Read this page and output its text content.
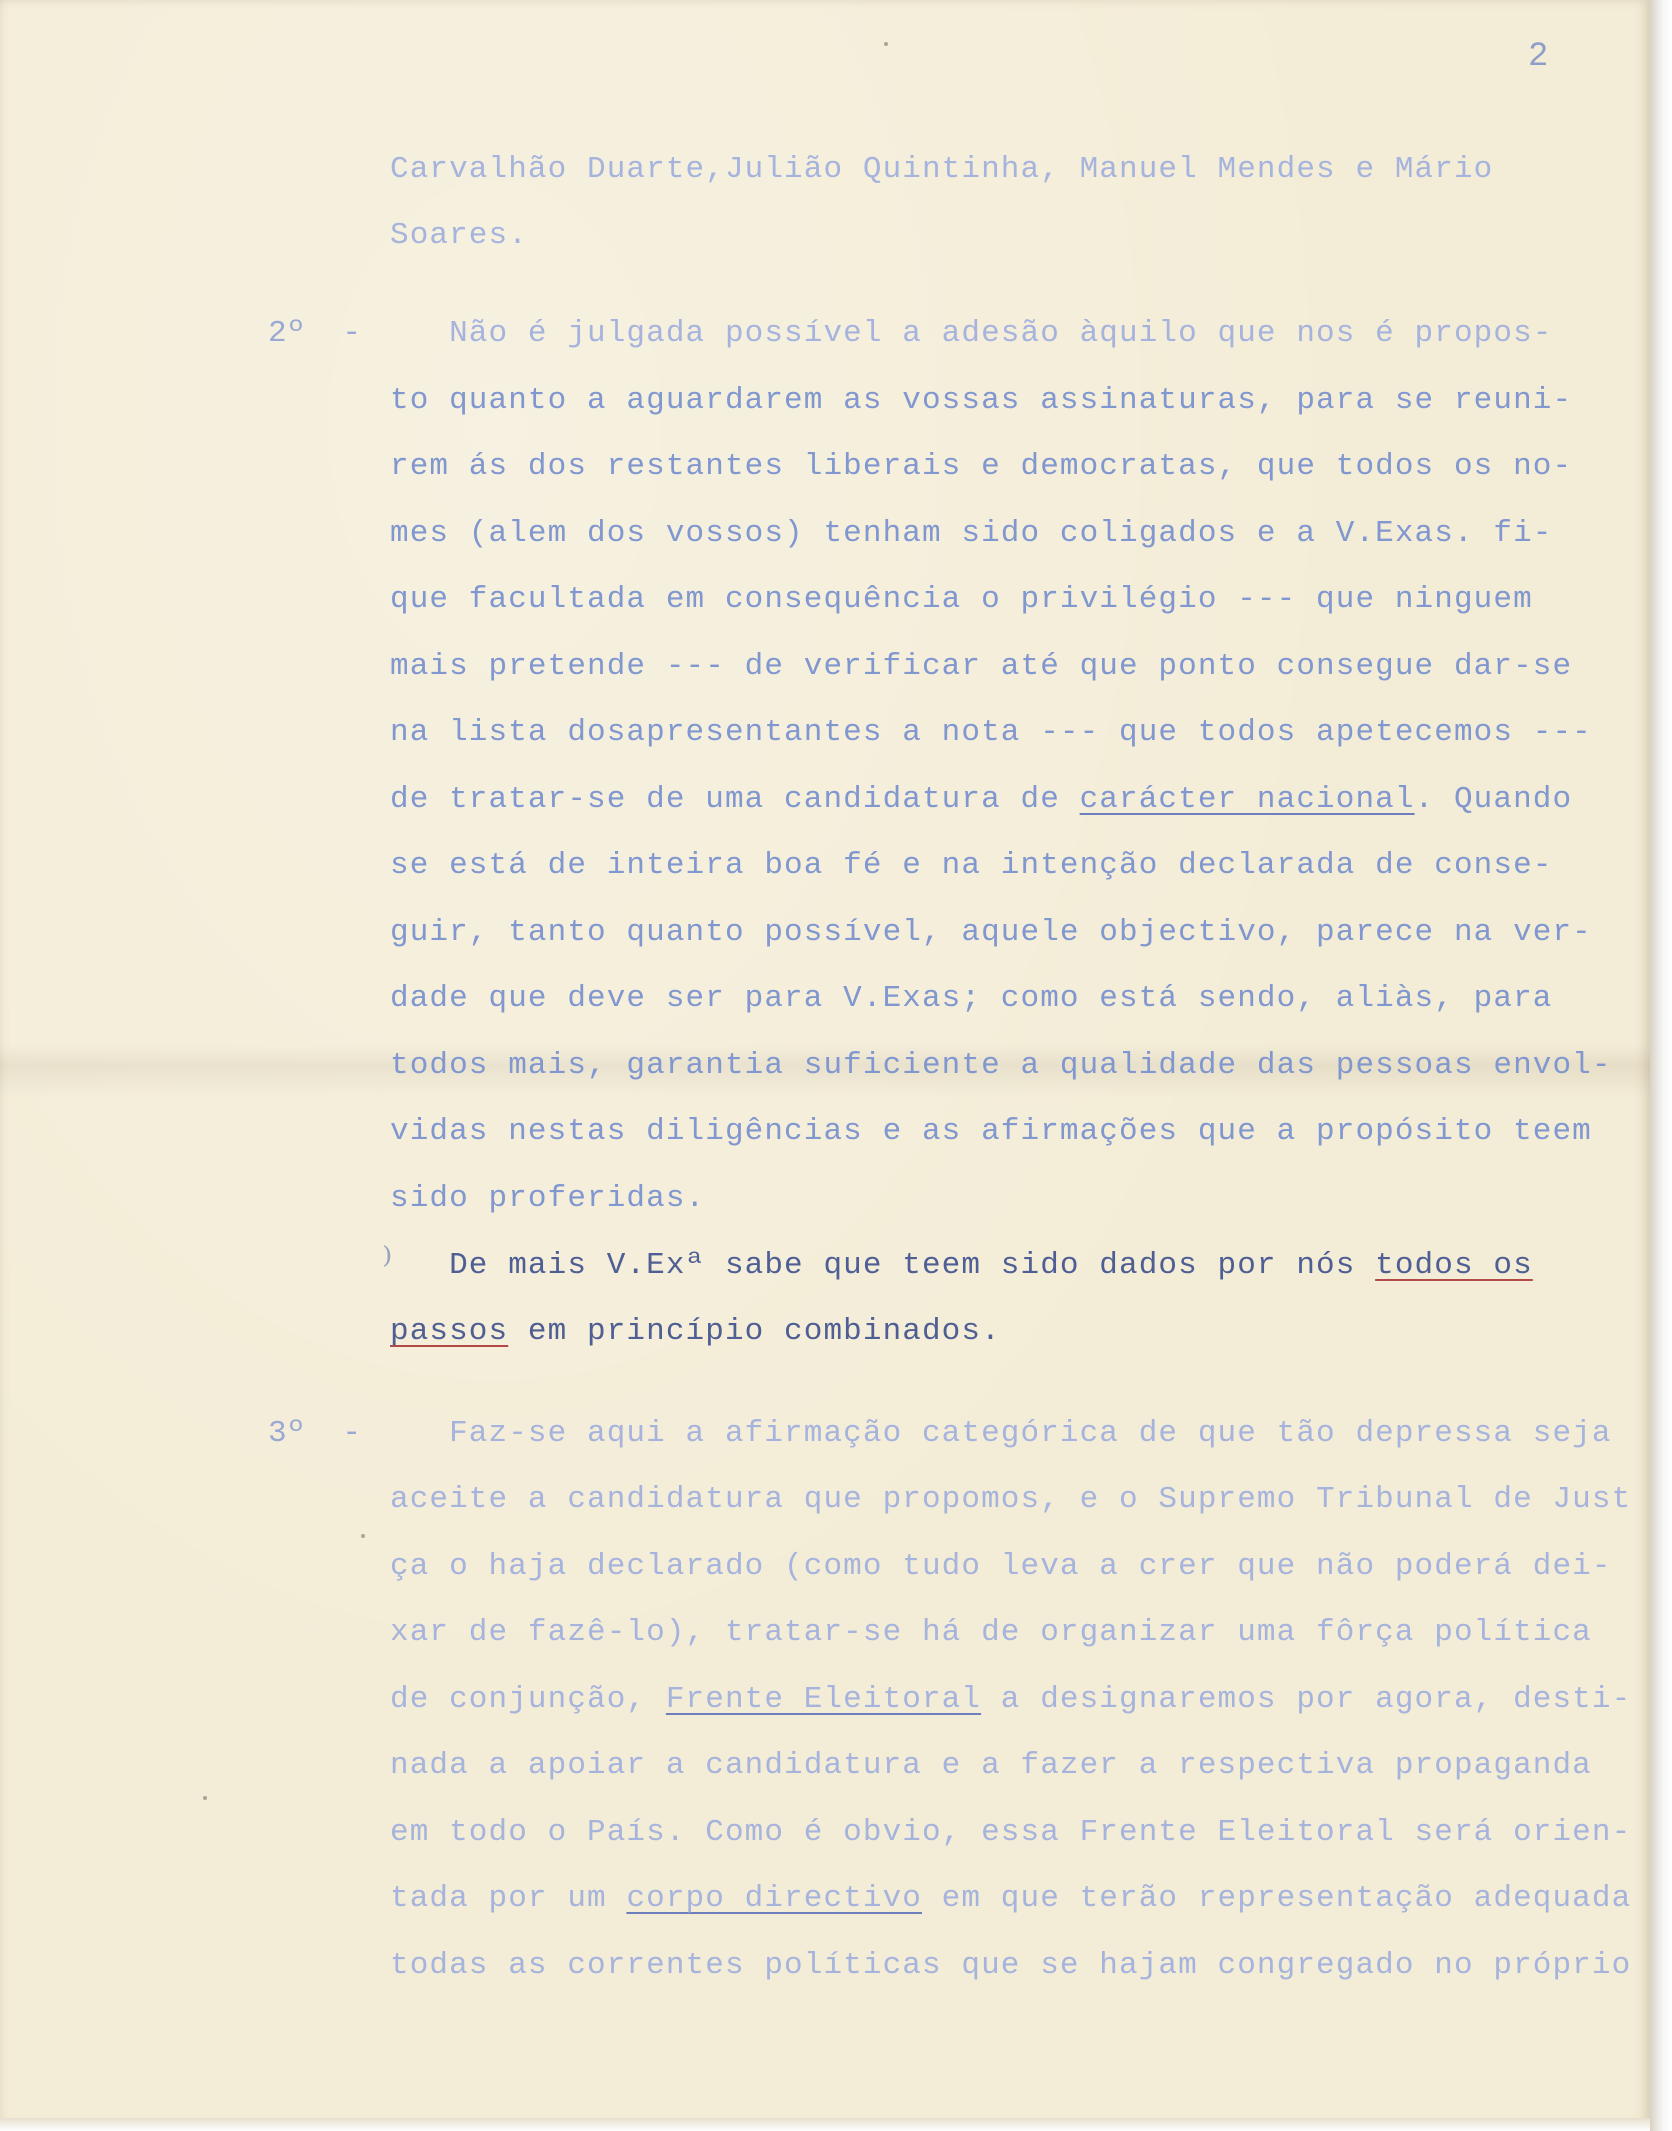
2
Carvalhão Duarte,Julião Quintinha, Manuel Mendes e Mário
Soares.
2º  - Não é julgada possível a adesão àquilo que nos é propos-
to quanto a aguardarem as vossas assinaturas, para se reuni-
rem ás dos restantes liberais e democratas, que todos os no-
mes (alem dos vossos) tenham sido coligados e a V.Exas. fi-
que facultada em consequência o privilégio --- que ninguem
mais pretende --- de verificar até que ponto consegue dar-se
na lista dosapresentantes a nota --- que todos apetecemos ---
de tratar-se de uma candidatura de carácter nacional. Quando
se está de inteira boa fé e na intenção declarada de conse-
guir, tanto quanto possível, aquele objectivo, parece na ver-
dade que deve ser para V.Exas; como está sendo, aliàs, para
todos mais, garantia suficiente a qualidade das pessoas envol-
vidas nestas diligências e as afirmações que a propósito teem
sido proferidas.
⁾
De mais V.Exª sabe que teem sido dados por nós todos os
passos em princípio combinados.
3º  - Faz-se aqui a afirmação categórica de que tão depressa seja
aceite a candidatura que propomos, e o Supremo Tribunal de Just
ça o haja declarado (como tudo leva a crer que não poderá dei-
xar de fazê-lo), tratar-se há de organizar uma fôrça política
de conjunção, Frente Eleitoral a designaremos por agora, desti-
nada a apoiar a candidatura e a fazer a respectiva propaganda
em todo o País. Como é obvio, essa Frente Eleitoral será orien-
tada por um corpo directivo em que terão representação adequada
todas as correntes políticas que se hajam congregado no próprio
